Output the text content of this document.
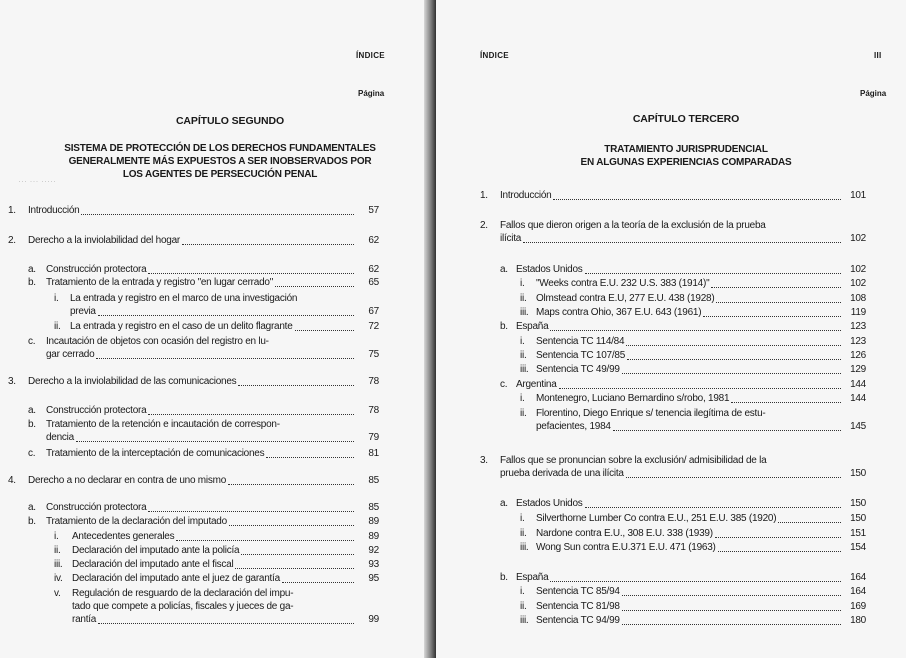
ÍNDICE
Página
CAPÍTULO SEGUNDO
SISTEMA DE PROTECCIÓN DE LOS DERECHOS FUNDAMENTALES
GENERALMENTE MÁS EXPUESTOS A SER INOBSERVADOS POR
LOS AGENTES DE PERSECUCIÓN PENAL
1. Introducción	57
2. Derecho a la inviolabilidad del hogar	62
a. Construcción protectora	62
b. Tratamiento de la entrada y registro "en lugar cerrado"	65
i. La entrada y registro en el marco de una investigación
previa	67
ii. La entrada y registro en el caso de un delito flagrante	72
c. Incautación de objetos con ocasión del registro en lu-
gar cerrado	75
3. Derecho a la inviolabilidad de las comunicaciones	78
a. Construcción protectora	78
b. Tratamiento de la retención e incautación de correspon-
dencia	79
c. Tratamiento de la interceptación de comunicaciones	81
4. Derecho a no declarar en contra de uno mismo	85
a. Construcción protectora	85
b. Tratamiento de la declaración del imputado	89
i. Antecedentes generales	89
ii. Declaración del imputado ante la policía	92
iii. Declaración del imputado ante el fiscal	93
iv. Declaración del imputado ante el juez de garantía	95
v. Regulación de resguardo de la declaración del impu-
tado que compete a policías, fiscales y jueces de ga-
rantía	99
··· ··· ·····
ÍNDICE	III
Página
CAPÍTULO TERCERO
TRATAMIENTO JURISPRUDENCIAL
EN ALGUNAS EXPERIENCIAS COMPARADAS
1. Introducción	101
2. Fallos que dieron origen a la teoría de la exclusión de la prueba
ilícita	102
a. Estados Unidos	102
i. "Weeks contra E.U. 232 U.S. 383 (1914)"	102
ii. Olmstead contra E.U, 277 E.U. 438 (1928)	108
iii. Maps contra Ohio, 367 E.U. 643 (1961)	119
b. España	123
i. Sentencia TC 114/84	123
ii. Sentencia TC 107/85	126
iii. Sentencia TC 49/99	129
c. Argentina	144
i. Montenegro, Luciano Bernardino s/robo, 1981	144
ii. Florentino, Diego Enrique s/ tenencia ilegítima de estu-
pefacientes, 1984	145
3. Fallos que se pronuncian sobre la exclusión/ admisibilidad de la
prueba derivada de una ilícita	150
a. Estados Unidos	150
i. Silverthorne Lumber Co contra E.U., 251 E.U. 385 (1920)	150
ii. Nardone contra E.U., 308 E.U. 338 (1939)	151
iii. Wong Sun contra E.U.371 E.U. 471 (1963)	154
b. España	164
i. Sentencia TC 85/94	164
ii. Sentencia TC 81/98	169
iii. Sentencia TC 94/99	180
